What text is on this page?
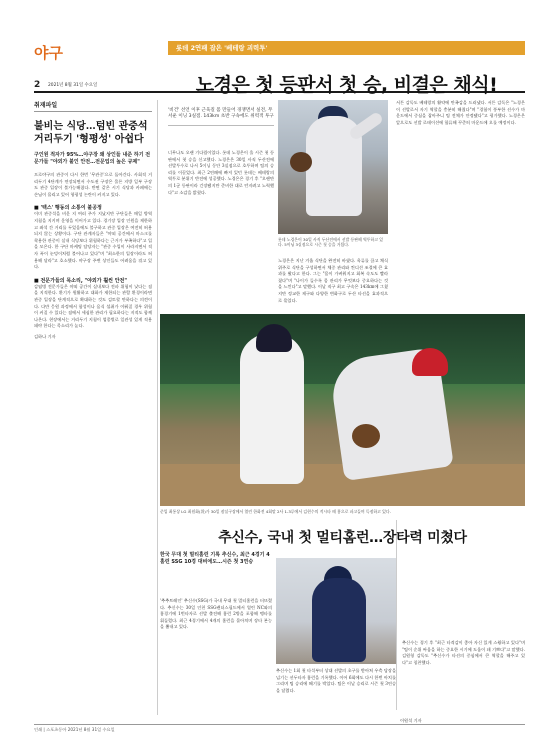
야구
2 2021년 8월 31일 수요일
롯데 2연패 잡은 '베테랑 괴력투'
노경은 첫 등판서 첫 승, 비결은 채식!
취재파일
불비는 식당…텀빈 관중석 거리두기 '형평성' 아쉽다
구인원 적자가 95%…야구장 왜 상인들 내준 하기 전문가들 "야외가 불인 안전…전문업의 높은 규제"
프로야구의 관중이 다시 한번 '무관중'으로 돌아간다. 사회적 거리두기 4단계가 연장되면서 수도권 구장은 물론 지방 일부 구장도 관중 입장이 불가능해졌다. 반면 같은 시기 식당과 카페에는 손님이 몰리고 있어 형평성 논란이 커지고 있다.
■ '텍스' 행동의 소통이 불공정
이미 관중석을 비운 지 여러 주가 지났지만 구단들은 매일 방역 지침을 지키며 운영을 이어가고 있다. 경기장 입장 인원을 제한하고 좌석 간 거리를 두었음에도 불구하고 관중 입장은 여전히 허용되지 않는 상황이다. 구단 관계자들은 "야외 공간에서 마스크를 착용한 관중이 실내 식당보다 위험하다는 근거가 부족하다"고 입을 모은다. 한 구단 마케팅 담당자는 "관중 수입이 사라지면서 적자 폭이 눈덩이처럼 불어나고 있다"며 "최소한의 입장이라도 허용해 달라"고 호소했다. 야구장 주변 상인들도 어려움을 겪고 있다.
■ 전문가들의 목소리, "야외가 훨씬 안전"
감염병 전문가들은 야외 공간이 실내보다 전파 위험이 낮다는 점을 지적한다. 환기가 원활하고 대화가 제한되는 관람 환경이라면 관중 입장을 단계적으로 확대하는 것도 검토할 만하다는 의견이다. 다만 응원 과정에서 함성이나 음식 섭취가 이뤄질 경우 위험이 커질 수 있다는 점에서 세심한 관리가 필요하다는 지적도 함께 나온다. 현장에서는 거리두기 지침이 업종별로 일관성 있게 적용돼야 한다는 목소리가 높다.
김하나 기자
'비건' 선언 이후 근육질 몸 만들어 경쟁면서 실전, 무서운 이닝 3실점. 143km 초반 구속에도 위력적 투구
롯데 노경은이 30일 사직 두산전에서 선발 등판해 역투하고 있다. 5이닝 3실점으로 시즌 첫 승을 거뒀다.
너무나도 오랜 기다림이었다. 롯데 노경은이 올 시즌 첫 등판에서 첫 승을 신고했다. 노경은은 30일 사직 두산전에 선발투수로 나서 5이닝 동안 3실점으로 호투하며 팀의 승리를 이끌었다. 최근 2연패에 빠져 있던 롯데는 베테랑의 역투로 분위기 반전에 성공했다. 노경은은 경기 후 "오랜만의 1군 등판이라 긴장됐지만 준비한 대로 던지려고 노력했다"고 소감을 밝혔다.
노경은은 지난 겨울 식단을 완전히 바꿨다. 육류를 끊고 채식 위주로 식단을 구성하면서 체중 관리와 컨디션 조절에 큰 효과를 봤다고 한다. 그는 "몸이 가벼워지고 회복 속도도 빨라졌다"며 "나이가 들수록 몸 관리가 무엇보다 중요하다는 것을 느낀다"고 말했다. 이날 직구 최고 구속은 143km에 그쳤지만 정교한 제구와 다양한 변화구로 두산 타선을 효과적으로 묶었다.
서튼 감독도 베테랑의 활약에 만족감을 드러냈다. 서튼 감독은 "노경은이 선발로서 자기 역할을 충분히 해줬다"며 "경험이 풍부한 선수가 마운드에서 중심을 잡아주니 팀 전체가 안정됐다"고 평가했다. 노경은은 앞으로도 선발 로테이션에 합류해 꾸준히 마운드에 오를 예정이다.
이원석 기자
준입 최통상 LG 최원화(위)가 30일 잠실구장에서 열린 한화전 4회말 2사 1-3루에서 김현수의 적시타 때 홈으로 파고들며 득점하고 있다.
추신수, 국내 첫 멀티홈런…장타력 미쳤다
한국 무대 첫 멀티홈런 기록 추신수, 최근 4경기 4홈런 SSG 10경 대비에도…시즌 첫 3연승
'추추트레인' 추신수(SSG)가 국내 무대 첫 멀티홈런을 터뜨렸다. 추신수는 30일 인천 SSG랜더스필드에서 열린 NC와의 홈경기에 1번타자로 선발 출전해 홈런 2방을 포함해 맹타를 휘둘렀다. 최근 4경기에서 4개의 홈런을 몰아치며 장타 본능을 뽐내고 있다.
추신수는 1회 첫 타석부터 상대 선발의 초구를 받아쳐 우측 담장을 넘기는 선두타자 홈런을 기록했다. 이어 6회에도 다시 한번 아치를 그리며 팀 승리에 쐐기를 박았다. 팀은 이날 승리로 시즌 첫 3연승을 달렸다.
추신수는 경기 후 "최근 타격감이 좋아 자신 있게 스윙하고 있다"며 "팀이 순위 싸움을 하는 중요한 시기에 도움이 돼 기쁘다"고 말했다. 김원형 감독도 "추신수가 타선의 중심에서 큰 역할을 해주고 있다"고 칭찬했다.
인쇄 | 스포츠동아 2021년 8월 31일 수요일
